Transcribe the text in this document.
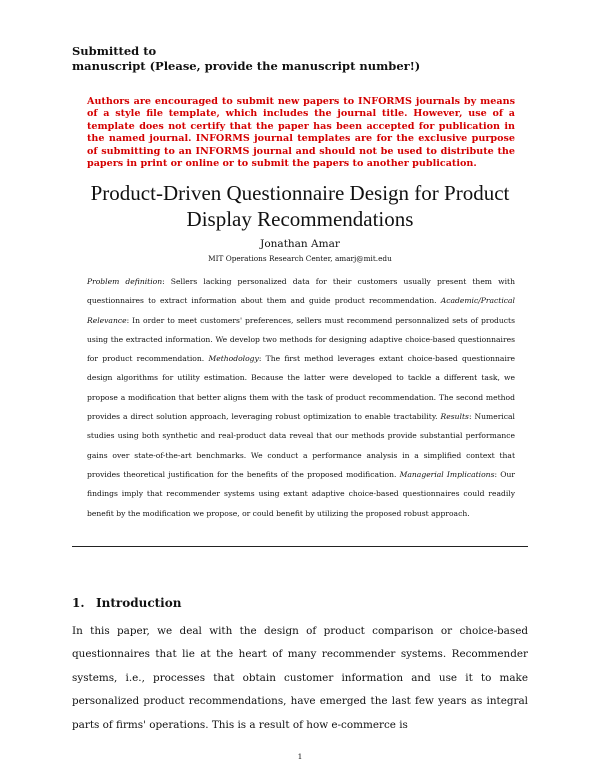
Submitted to
manuscript (Please, provide the manuscript number!)
Authors are encouraged to submit new papers to INFORMS journals by means of a style file template, which includes the journal title. However, use of a template does not certify that the paper has been accepted for publication in the named journal. INFORMS journal templates are for the exclusive purpose of submitting to an INFORMS journal and should not be used to distribute the papers in print or online or to submit the papers to another publication.
Product-Driven Questionnaire Design for Product Display Recommendations
Jonathan Amar
MIT Operations Research Center, amarj@mit.edu
Problem definition: Sellers lacking personalized data for their customers usually present them with questionnaires to extract information about them and guide product recommendation. Academic/Practical Relevance: In order to meet customers' preferences, sellers must recommend personnalized sets of products using the extracted information. We develop two methods for designing adaptive choice-based questionnaires for product recommendation. Methodology: The first method leverages extant choice-based questionnaire design algorithms for utility estimation. Because the latter were developed to tackle a different task, we propose a modification that better aligns them with the task of product recommendation. The second method provides a direct solution approach, leveraging robust optimization to enable tractability. Results: Numerical studies using both synthetic and real-product data reveal that our methods provide substantial performance gains over state-of-the-art benchmarks. We conduct a performance analysis in a simplified context that provides theoretical justification for the benefits of the proposed modification. Managerial Implications: Our findings imply that recommender systems using extant adaptive choice-based questionnaires could readily benefit by the modification we propose, or could benefit by utilizing the proposed robust approach.
1. Introduction
In this paper, we deal with the design of product comparison or choice-based questionnaires that lie at the heart of many recommender systems. Recommender systems, i.e., processes that obtain customer information and use it to make personalized product recommendations, have emerged the last few years as integral parts of firms' operations. This is a result of how e-commerce is
1
